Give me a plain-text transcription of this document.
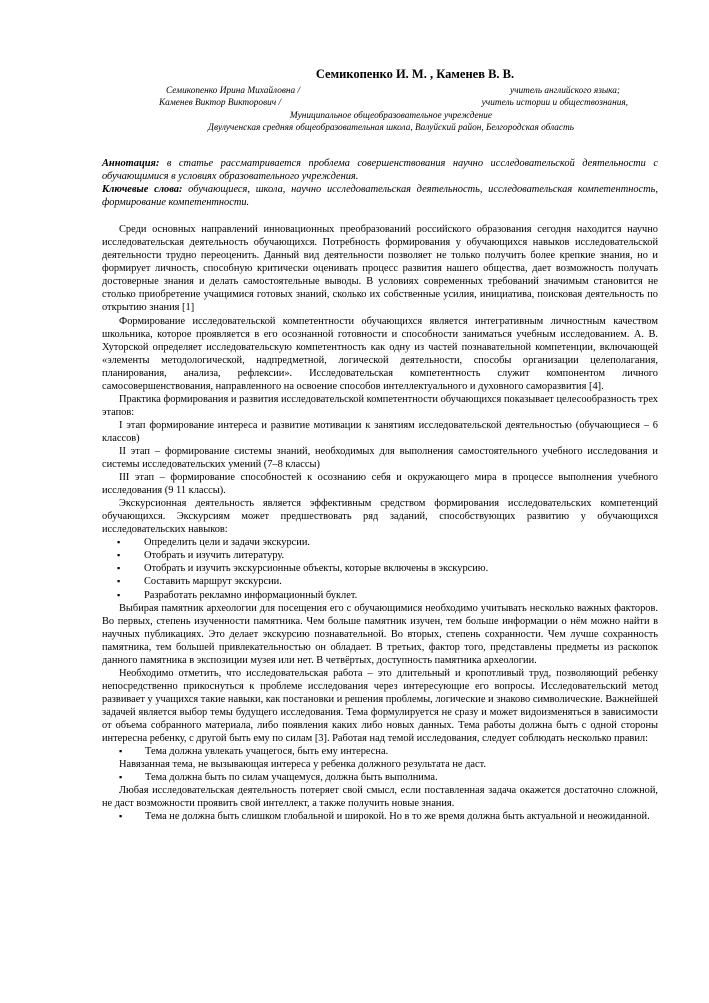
Семикопенко И. М. , Каменев В. В.
Семикопенко Ирина Михайловна /	учитель английского языка;
Каменев Виктор Викторович /	учитель истории и обществознания,
Муниципальное общеобразовательное учреждение
Двулученская средняя общеобразовательная школа, Валуйский район, Белгородская область
Аннотация: в статье рассматривается проблема совершенствования научно исследовательской деятельности с обучающимися в условиях образовательного учреждения.
Ключевые слова: обучающиеся, школа, научно исследовательская деятельность, исследовательская компетентность, формирование компетентности.

Среди основных направлений инновационных преобразований российского образования сегодня находится научно исследовательская деятельность обучающихся. Потребность формирования у обучающихся навыков исследовательской деятельности трудно переоценить. Данный вид деятельности позволяет не только получить более крепкие знания, но и формирует личность, способную критически оценивать процесс развития нашего общества, дает возможность получать достоверные знания и делать самостоятельные выводы. В условиях современных требований значимым становится не столько приобретение учащимися готовых знаний, сколько их собственные усилия, инициатива, поисковая деятельность по открытию знания [1]

Формирование исследовательской компетентности обучающихся является интегративным личностным качеством школьника, которое проявляется в его осознанной готовности и способности заниматься учебным исследованием. А. В. Хуторской определяет исследовательскую компетентность как одну из частей познавательной компетенции, включающей «элементы методологической, надпредметной, логической деятельности, способы организации целеполагания, планирования, анализа, рефлексии». Исследовательская компетентность служит компонентом личного самосовершенствования, направленного на освоение способов интеллектуального и духовного саморазвития [4].

Практика формирования и развития исследовательской компетентности обучающихся показывает целесообразность трех этапов:

I этап формирование интереса и развитие мотивации к занятиям исследовательской деятельностью (обучающиеся – 6 классов)

II этап – формирование системы знаний, необходимых для выполнения самостоятельного учебного исследования и системы исследовательских умений (7–8 классы)

III этап – формирование способностей к осознанию себя и окружающего мира в процессе выполнения учебного исследования (9 11 классы).

Экскурсионная деятельность является эффективным средством формирования исследовательских компетенций обучающихся. Экскурсиям может предшествовать ряд заданий, способствующих развитию у обучающихся исследовательских навыков:

▪ Определить цели и задачи экскурсии.
▪ Отобрать и изучить литературу.
▪ Отобрать и изучить экскурсионные объекты, которые включены в экскурсию.
▪ Составить маршрут экскурсии.
▪ Разработать рекламно информационный буклет.

Выбирая памятник археологии для посещения его с обучающимися необходимо учитывать несколько важных факторов. Во первых, степень изученности памятника. Чем больше памятник изучен, тем больше информации о нём можно найти в научных публикациях. Это делает экскурсию познавательной. Во вторых, степень сохранности. Чем лучше сохранность памятника, тем большей привлекательностью он обладает. В третьих, фактор того, представлены предметы из раскопок данного памятника в экспозиции музея или нет. В четвёртых, доступность памятника археологии.

Необходимо отметить, что исследовательская работа – это длительный и кропотливый труд, позволяющий ребенку непосредственно прикоснуться к проблеме исследования через интересующие его вопросы. Исследовательский метод развивает у учащихся такие навыки, как постановки и решения проблемы, логические и знаково символические. Важнейшей задачей является выбор темы будущего исследования. Тема формулируется не сразу и может видоизменяться в зависимости от объема собранного материала, либо появления каких либо новых данных. Тема работы должна быть с одной стороны интересна ребенку, с другой быть ему по силам [3]. Работая над темой исследования, следует соблюдать несколько правил:

▪ Тема должна увлекать учащегося, быть ему интересна.

Навязанная тема, не вызывающая интереса у ребенка должного результата не даст.

▪ Тема должна быть по силам учащемуся, должна быть выполнима.

Любая исследовательская деятельность потеряет свой смысл, если поставленная задача окажется достаточно сложной, не даст возможности проявить свой интеллект, а также получить новые знания.

▪ Тема не должна быть слишком глобальной и широкой. Но в то же время должна быть актуальной и неожиданной.
